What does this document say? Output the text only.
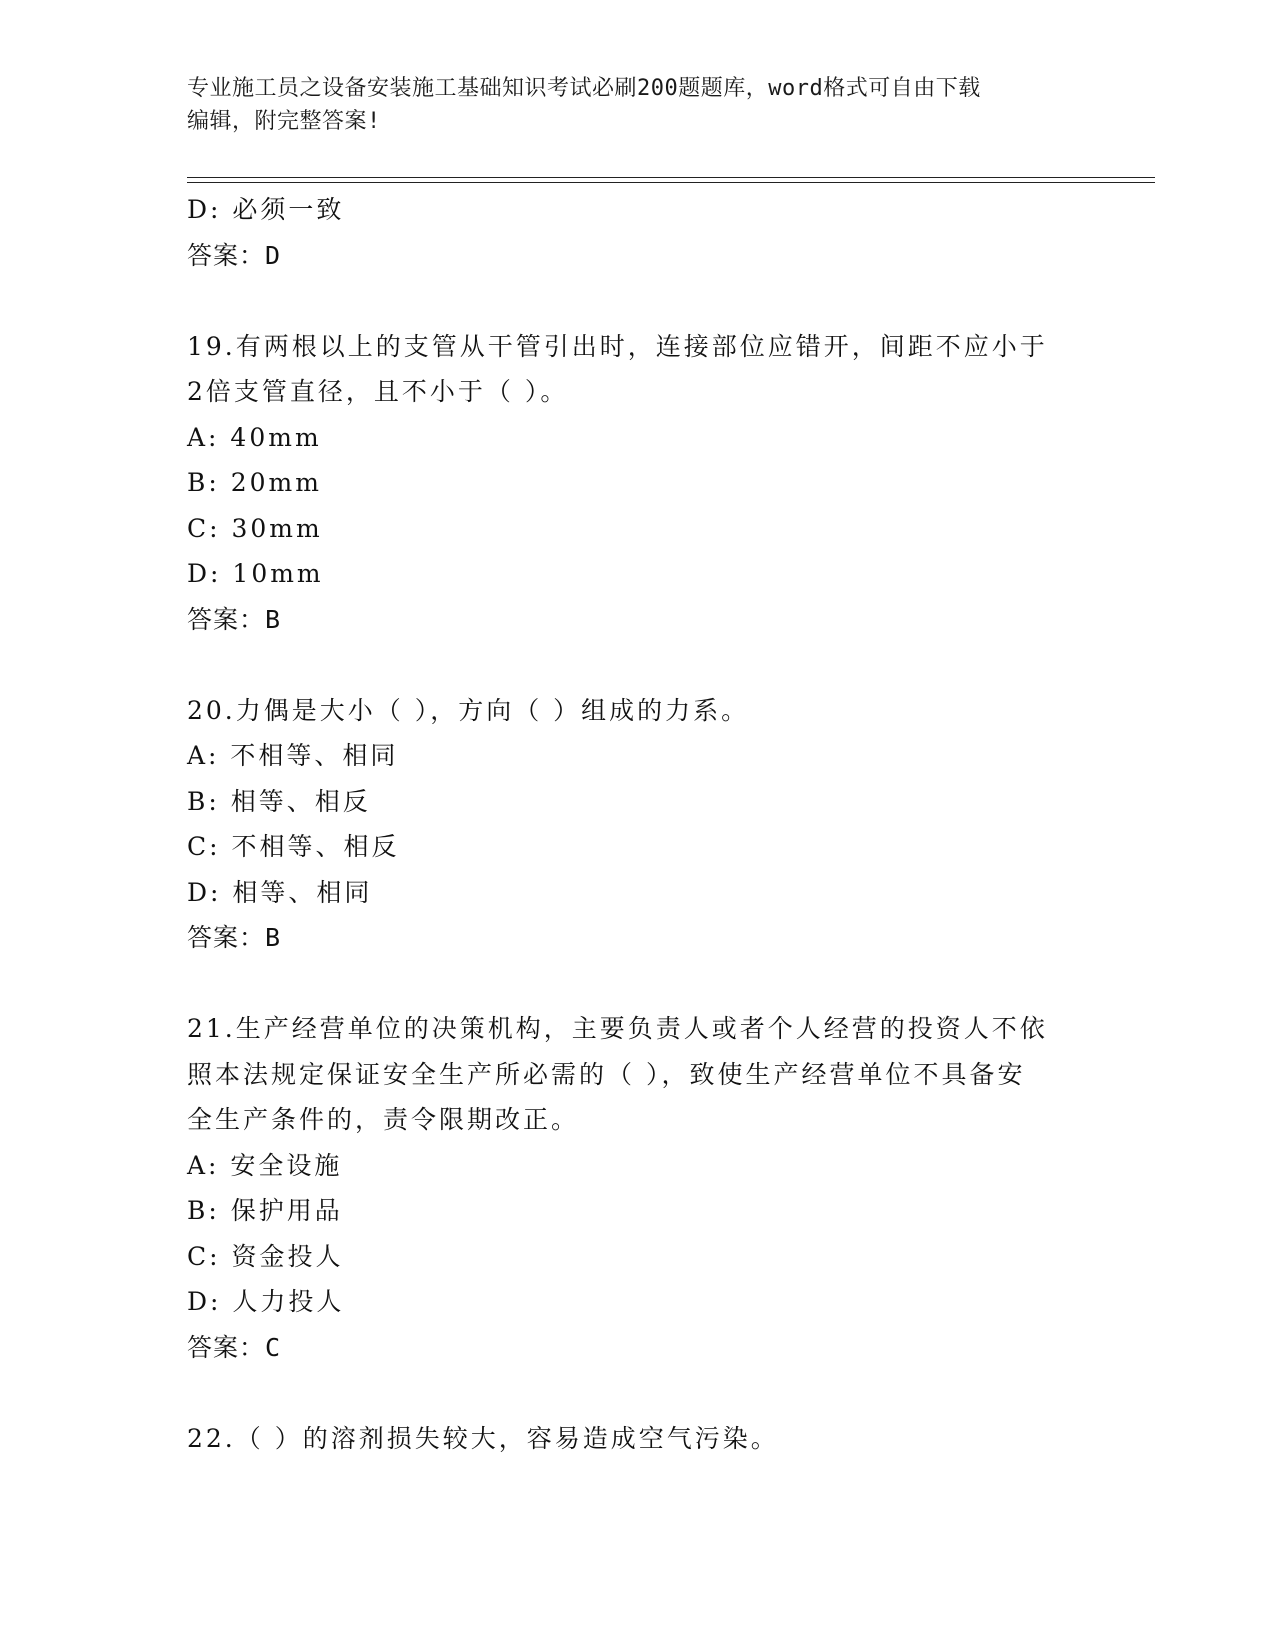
专业施工员之设备安装施工基础知识考试必刷200题题库，word格式可自由下载
编辑，附完整答案!
D: 必须一致
答案：D
19.有两根以上的支管从干管引出时，连接部位应错开，间距不应小于
2倍支管直径，且不小于（ ）。
A: 40mm
B: 20mm
C: 30mm
D: 10mm
答案：B
20.力偶是大小（ ），方向（ ）组成的力系。
A: 不相等、相同
B: 相等、相反
C: 不相等、相反
D: 相等、相同
答案：B
21.生产经营单位的决策机构，主要负责人或者个人经营的投资人不依
照本法规定保证安全生产所必需的（ ），致使生产经营单位不具备安
全生产条件的，责令限期改正。
A: 安全设施
B: 保护用品
C: 资金投人
D: 人力投人
答案：C
22.（ ）的溶剂损失较大，容易造成空气污染。
